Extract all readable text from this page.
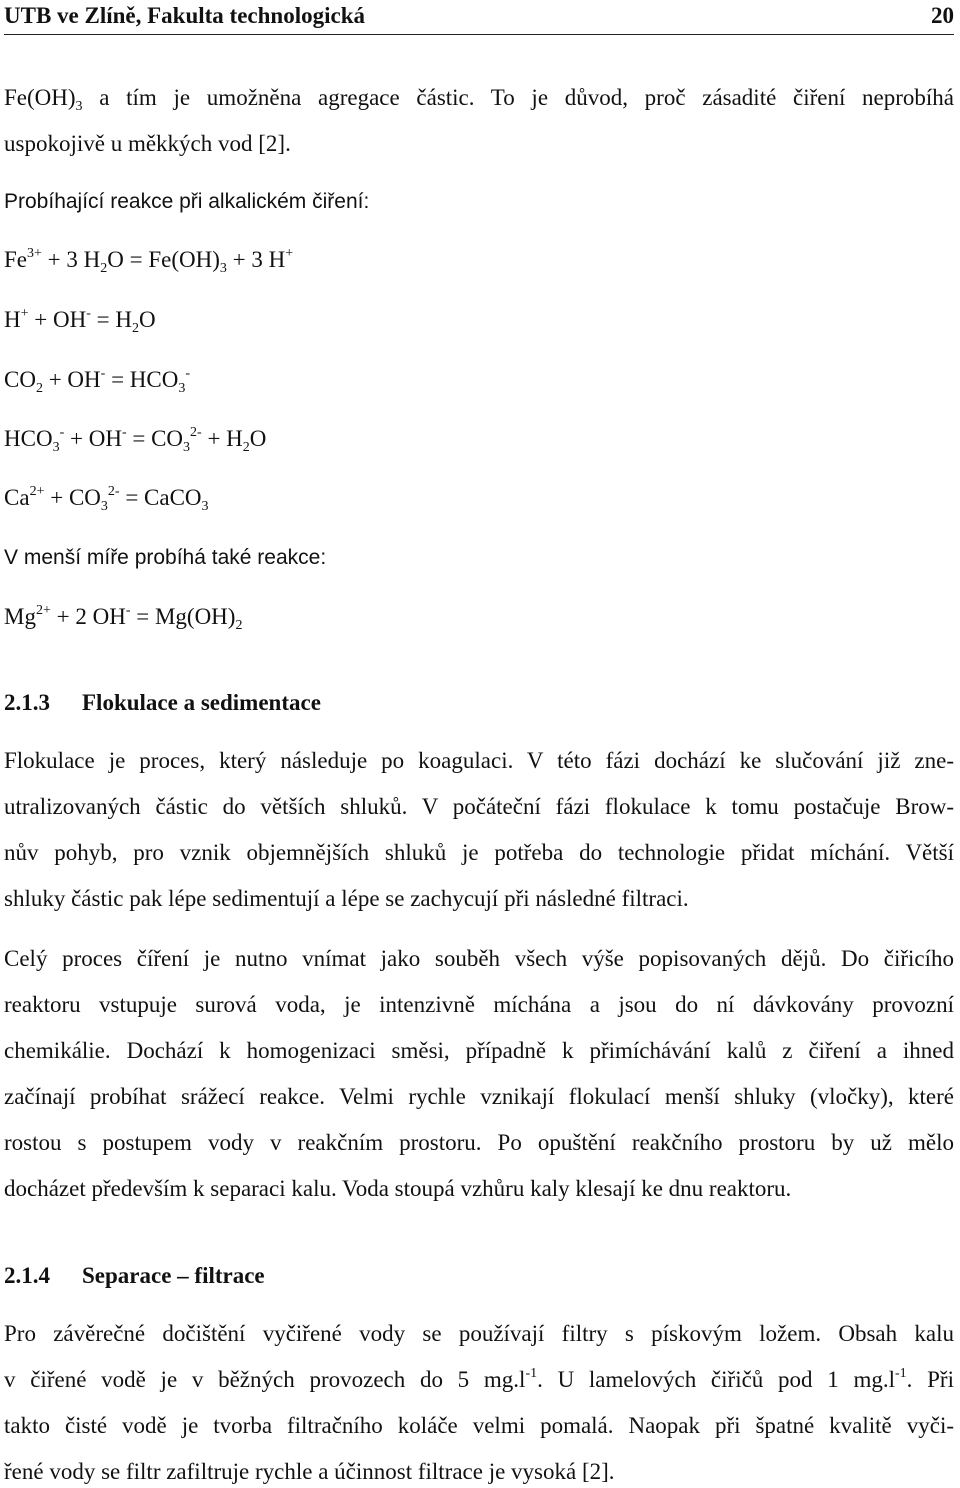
UTB ve Zlíně, Fakulta technologická	20
$Fe(OH)_3$ a tím je umožněna agregace částic. To je důvod, proč zásadité čiření neprobíhá
uspokojivě u měkkých vod [2].
Probíhající reakce při alkalickém čiření:
$Fe^{3+} + 3$ $H_2O = Fe(OH)_3 + 3$ H+
$H^+ + OH^- = H_2O$
$CO_2 + OH^- = HCO_3^-$
$HCO_3^- + OH^- = CO_3^{2-} + H_2O$
$Ca^{2+} + CO_3^{2-}$ = CaCO$_3$
V menší míře probíhá také reakce:
$Mg^{2+} + 2$ $OH^- = Mg(OH)_2$
2.1.3 Flokulace a sedimentace
Flokulace je proces, který následuje po koagulaci. V této fázi dochází ke slučování již zne-
utralizovaných částic do větších shluků. V počáteční fázi flokulace k tomu postačuje Brow-
nův pohyb, pro vznik objemnějších shluků je potřeba do technologie přidat míchání. Větší
shluky částic pak lépe sedimentují a lépe se zachycují při následné filtraci.
Celý proces číření je nutno vnímat jako souběh všech výše popisovaných dějů. Do čiřicího
reaktoru vstupuje surová voda, je intenzivně míchána a jsou do ní dávkovány provozní
chemikálie. Dochází k homogenizaci směsi, případně k přimíchávání kalů z čiření a ihned
začínají probíhat srážecí reakce. Velmi rychle vznikají flokulací menší shluky (vločky), které
rostou s postupem vody v reakčním prostoru. Po opuštění reakčního prostoru by už mělo
docházet především k separaci kalu. Voda stoupá vzhůru kaly klesají ke dnu reaktoru.
2.1.4 Separace – filtrace
Pro závěrečné dočištění vyčiřené vody se používají filtry s pískovým ložem. Obsah kalu
v čiřené vodě je v běžných provozech do 5 $mg.l^{-1}$. U lamelových čiřičů pod 1 $mg.l^{-1}$. Při
takto čisté vodě je tvorba filtračního koláče velmi pomalá. Naopak při špatné kvalitě vyči-
řené vody se filtr zafiltruje rychle a účinnost filtrace je vysoká [2].
